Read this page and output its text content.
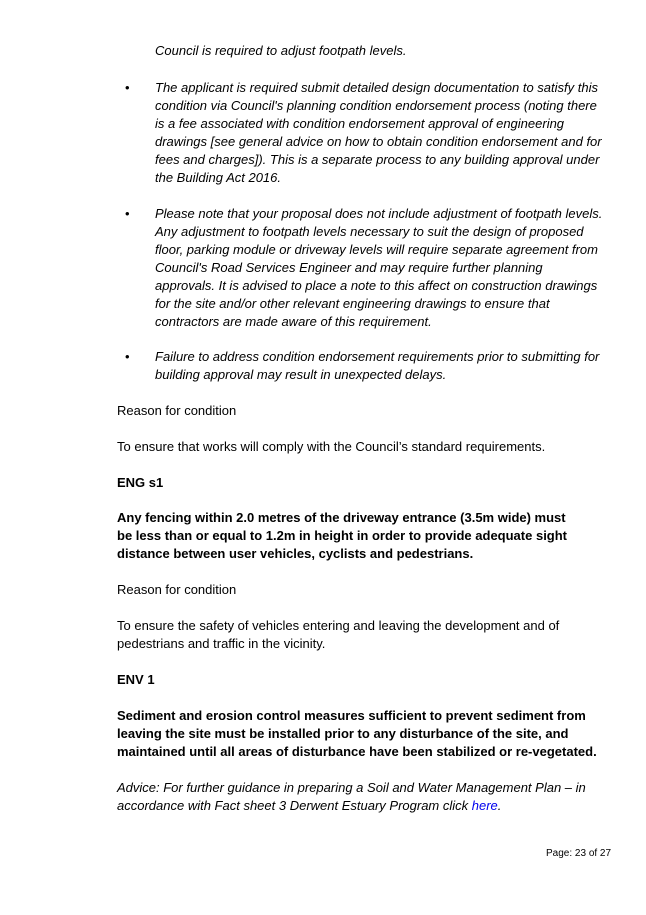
Council is required to adjust footpath levels.

• The applicant is required submit detailed design documentation to satisfy this
condition via Council's planning condition endorsement process (noting there
is a fee associated with condition endorsement approval of engineering
drawings [see general advice on how to obtain condition endorsement and for
fees and charges]). This is a separate process to any building approval under
the Building Act 2016.
• Please note that your proposal does not include adjustment of footpath levels.
Any adjustment to footpath levels necessary to suit the design of proposed
floor, parking module or driveway levels will require separate agreement from
Council's Road Services Engineer and may require further planning
approvals. It is advised to place a note to this affect on construction drawings
for the site and/or other relevant engineering drawings to ensure that
contractors are made aware of this requirement.
• Failure to address condition endorsement requirements prior to submitting for
building approval may result in unexpected delays.

Reason for condition

To ensure that works will comply with the Council’s standard requirements.

ENG s1

Any fencing within 2.0 metres of the driveway entrance (3.5m wide) must
be less than or equal to 1.2m in height in order to provide adequate sight
distance between user vehicles, cyclists and pedestrians.

Reason for condition

To ensure the safety of vehicles entering and leaving the development and of
pedestrians and traffic in the vicinity.

ENV 1

Sediment and erosion control measures sufficient to prevent sediment from
leaving the site must be installed prior to any disturbance of the site, and
maintained until all areas of disturbance have been stabilized or re-vegetated.
Advice: For further guidance in preparing a Soil and Water Management Plan – in
accordance with Fact sheet 3 Derwent Estuary Program click here.
Page: 23 of 27
